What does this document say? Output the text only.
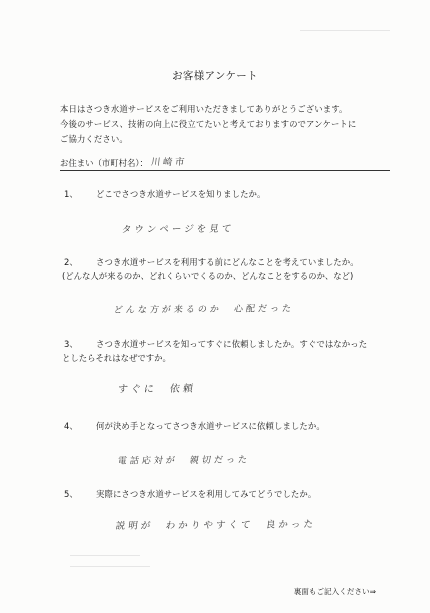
お客様アンケート
本日はさつき水道サービスをご利用いただきましてありがとうございます。
今後のサービス、技術の向上に役立てたいと考えておりますのでアンケートに
ご協力ください。
お住まい（市町村名）： 川崎市
1、 どこでさつき水道サービスを知りましたか。
タウンページを見て
2、 さつき水道サービスを利用する前にどんなことを考えていましたか。
(どんな人が来るのか、どれくらいでくるのか、どんなことをするのか、など)
どんな方が来るのか　心配だった
3、 さつき水道サービスを知ってすぐに依頼しましたか。すぐではなかった
としたらそれはなぜですか。
すぐに　依頼
4、 何が決め手となってさつき水道サービスに依頼しましたか。
電話応対が　親切だった
5、 実際にさつき水道サービスを利用してみてどうでしたか。
説明が　わかりやすくて　良かった
裏面もご記入ください⇒
